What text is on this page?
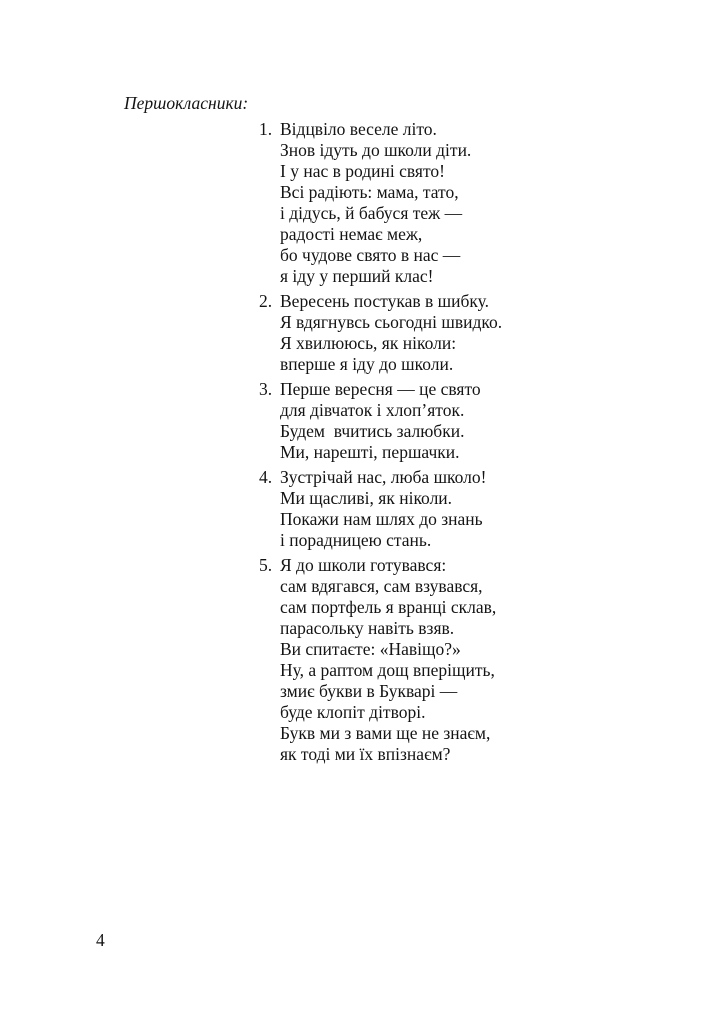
Першокласники:
1. Відцвіло веселе літо.
Знов ідуть до школи діти.
І у нас в родині свято!
Всі радіють: мама, тато,
і дідусь, й бабуся теж —
радості немає меж,
бо чудове свято в нас —
я іду у перший клас!
2. Вересень постукав в шибку.
Я вдягнувсь сьогодні швидко.
Я хвилююсь, як ніколи:
вперше я іду до школи.
3. Перше вересня — це свято
для дівчаток і хлоп’яток.
Будем  вчитись залюбки.
Ми, нарешті, першачки.
4. Зустрічай нас, люба школо!
Ми щасливі, як ніколи.
Покажи нам шлях до знань
і порадницею стань.
5. Я до школи готувався:
сам вдягався, сам взувався,
сам портфель я вранці склав,
парасольку навіть взяв.
Ви спитаєте: «Навіщо?»
Ну, а раптом дощ вперіщить,
змиє букви в Букварі —
буде клопіт дітворі.
Букв ми з вами ще не знаєм,
як тоді ми їх впізнаєм?
4
